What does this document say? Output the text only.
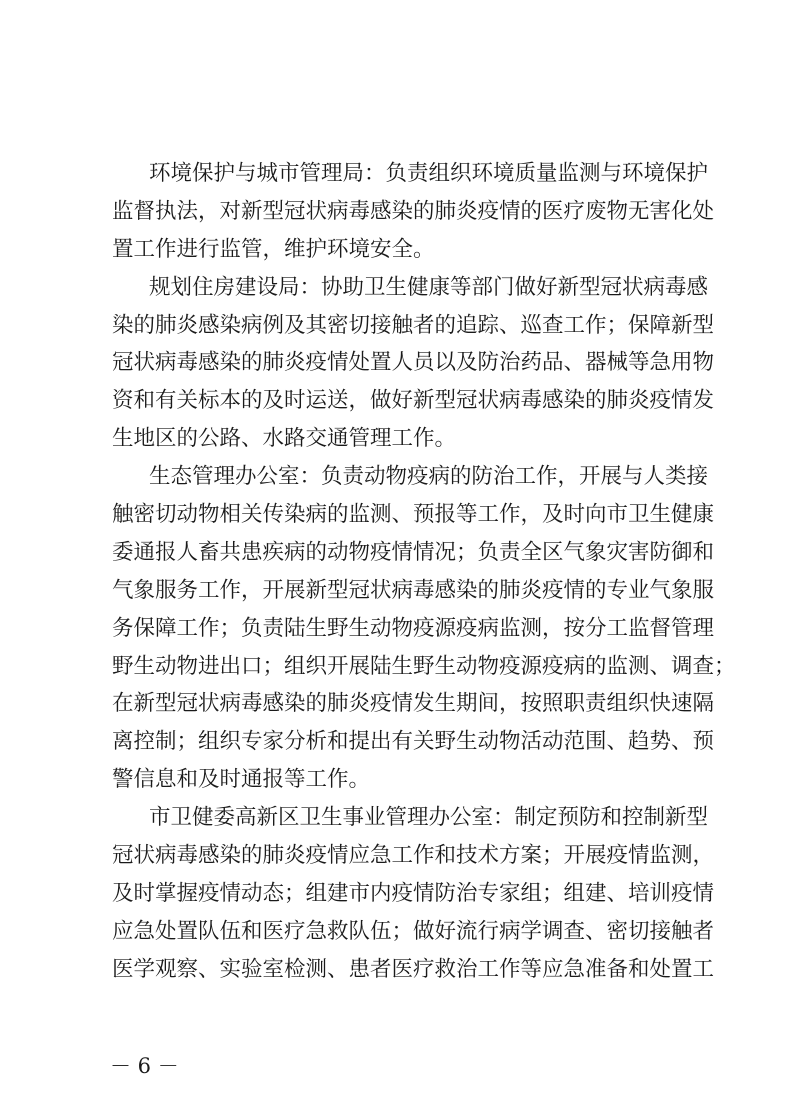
环境保护与城市管理局：负责组织环境质量监测与环境保护
监督执法，对新型冠状病毒感染的肺炎疫情的医疗废物无害化处
置工作进行监管，维护环境安全。
规划住房建设局：协助卫生健康等部门做好新型冠状病毒感
染的肺炎感染病例及其密切接触者的追踪、巡查工作；保障新型
冠状病毒感染的肺炎疫情处置人员以及防治药品、器械等急用物
资和有关标本的及时运送，做好新型冠状病毒感染的肺炎疫情发
生地区的公路、水路交通管理工作。
生态管理办公室：负责动物疫病的防治工作，开展与人类接
触密切动物相关传染病的监测、预报等工作，及时向市卫生健康
委通报人畜共患疾病的动物疫情情况；负责全区气象灾害防御和
气象服务工作，开展新型冠状病毒感染的肺炎疫情的专业气象服
务保障工作；负责陆生野生动物疫源疫病监测，按分工监督管理
野生动物进出口；组织开展陆生野生动物疫源疫病的监测、调查；
在新型冠状病毒感染的肺炎疫情发生期间，按照职责组织快速隔
离控制；组织专家分析和提出有关野生动物活动范围、趋势、预
警信息和及时通报等工作。
市卫健委高新区卫生事业管理办公室：制定预防和控制新型
冠状病毒感染的肺炎疫情应急工作和技术方案；开展疫情监测，
及时掌握疫情动态；组建市内疫情防治专家组；组建、培训疫情
应急处置队伍和医疗急救队伍；做好流行病学调查、密切接触者
医学观察、实验室检测、患者医疗救治工作等应急准备和处置工
－ 6 －
